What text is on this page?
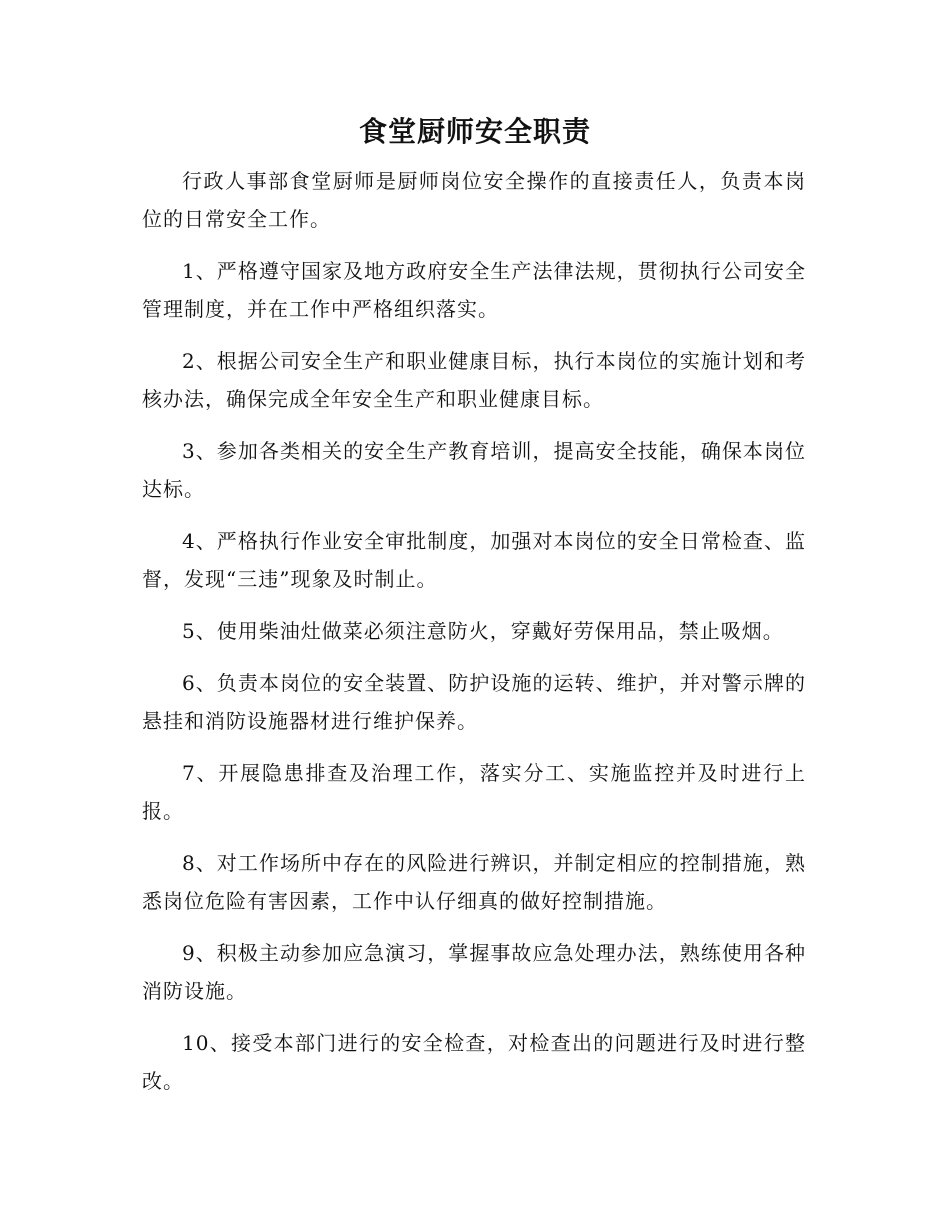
食堂厨师安全职责

行政人事部食堂厨师是厨师岗位安全操作的直接责任人，负责本岗位的日常安全工作。

1、严格遵守国家及地方政府安全生产法律法规，贯彻执行公司安全管理制度，并在工作中严格组织落实。

2、根据公司安全生产和职业健康目标，执行本岗位的实施计划和考核办法，确保完成全年安全生产和职业健康目标。

3、参加各类相关的安全生产教育培训，提高安全技能，确保本岗位达标。

4、严格执行作业安全审批制度，加强对本岗位的安全日常检查、监督，发现“三违”现象及时制止。

5、使用柴油灶做菜必须注意防火，穿戴好劳保用品，禁止吸烟。

6、负责本岗位的安全装置、防护设施的运转、维护，并对警示牌的悬挂和消防设施器材进行维护保养。

7、开展隐患排查及治理工作，落实分工、实施监控并及时进行上报。

8、对工作场所中存在的风险进行辨识，并制定相应的控制措施，熟悉岗位危险有害因素，工作中认仔细真的做好控制措施。

9、积极主动参加应急演习，掌握事故应急处理办法，熟练使用各种消防设施。

10、接受本部门进行的安全检查，对检查出的问题进行及时进行整改。
